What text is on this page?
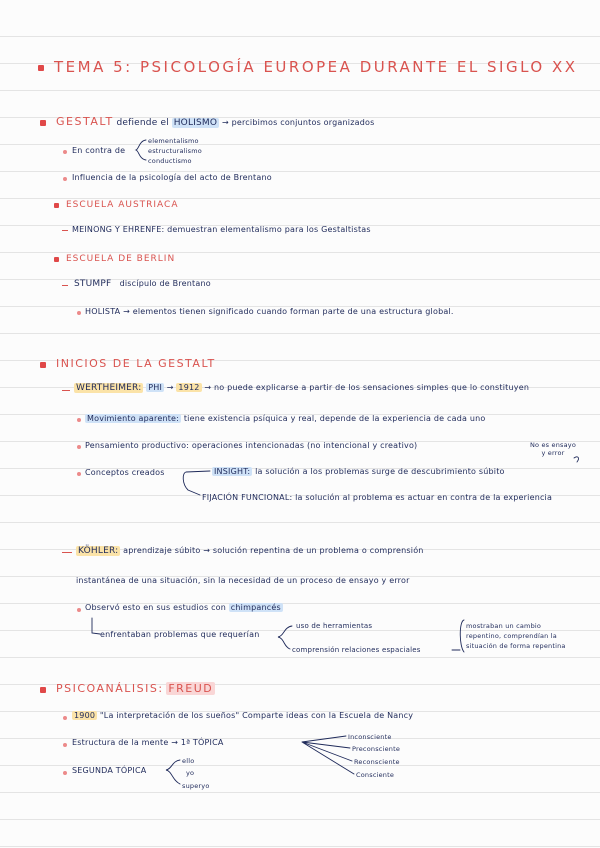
TEMA 5: PSICOLOGÍA EUROPEA DURANTE EL SIGLO XX
GESTALT defiende el HOLISMO → percibimos conjuntos organizados
En contra de
elementalismo
estructuralismo
conductismo
Influencia de la psicología del acto de Brentano
ESCUELA AUSTRIACA
MEINONG Y EHRENFE: demuestran elementalismo para los Gestaltistas
ESCUELA DE BERLIN
STUMPF discípulo de Brentano
HOLISTA → elementos tienen significado cuando forman parte de una estructura global.
INICIOS DE LA GESTALT
WERTHEIMER: PHI → 1912 → no puede explicarse a partir de los sensaciones simples que lo constituyen
Movimiento aparente: tiene existencia psíquica y real, depende de la experiencia de cada uno
Pensamiento productivo: operaciones intencionadas (no intencional y creativo)	No es ensayo y error
Conceptos creados	INSIGHT: la solución a los problemas surge de descubrimiento súbito
FIJACIÓN FUNCIONAL: la solución al problema es actuar en contra de la experiencia
KÖHLER: aprendizaje súbito → solución repentina de un problema o comprensión
instantánea de una situación, sin la necesidad de un proceso de ensayo y error
Observó esto en sus estudios con chimpancés
enfrentaban problemas que requerían
uso de herramientas
comprensión relaciones espaciales
mostraban un cambio
repentino, comprendían la
situación de forma repentina
PSICOANÁLISIS: FREUD
1900 "La interpretación de los sueños" Comparte ideas con la Escuela de Nancy
Estructura de la mente → 1ª TÓPICA
Inconsciente
Preconsciente
Reconsciente
Consciente
SEGUNDA TÓPICA
ello
yo
superyo
